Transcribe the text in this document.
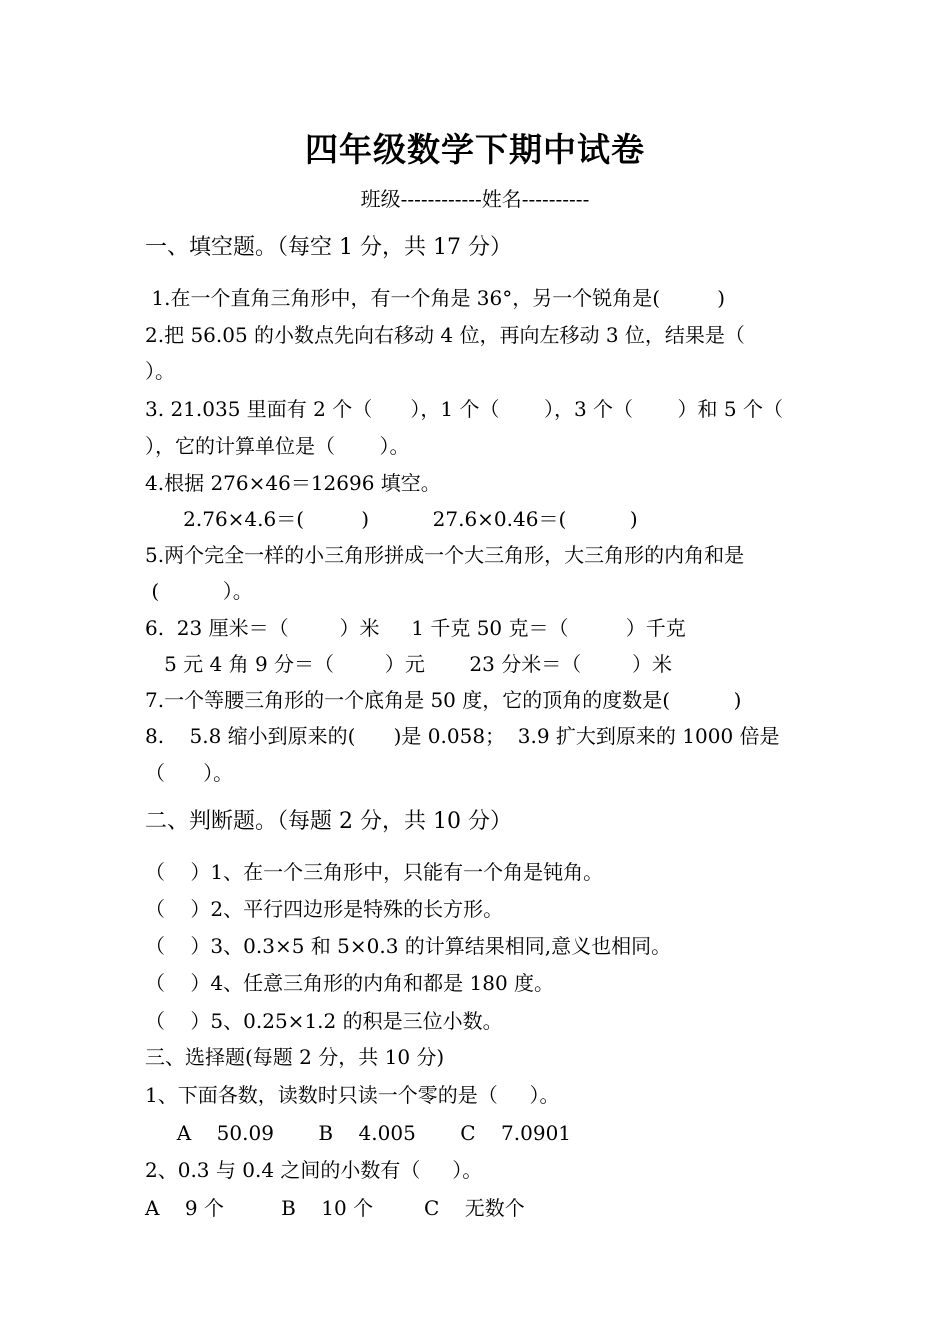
四年级数学下期中试卷
班级------------姓名----------
一、填空题。（每空 1 分，共 17 分）
1.在一个直角三角形中，有一个角是 36°，另一个锐角是(         )
2.把 56.05 的小数点先向右移动 4 位，再向左移动 3 位，结果是（
）。
3. 21.035 里面有 2 个（      ），1 个（       ），3 个（       ）和 5 个（
），它的计算单位是（       ）。
4.根据 276×46＝12696 填空。
2.76×4.6＝(         )          27.6×0.46＝(          )
5.两个完全一样的小三角形拼成一个大三角形，大三角形的内角和是
(          ）。
6.  23 厘米＝（        ）米     1 千克 50 克＝（         ）千克
5 元 4 角 9 分＝（        ）元       23 分米＝（        ）米
7.一个等腰三角形的一个底角是 50 度，它的顶角的度数是(          )
8.    5.8 缩小到原来的(      )是 0.058；  3.9 扩大到原来的 1000 倍是
（      ）。
二、判断题。（每题 2 分，共 10 分）
（    ）1、在一个三角形中，只能有一个角是钝角。
（    ）2、平行四边形是特殊的长方形。
（    ）3、0.3×5 和 5×0.3 的计算结果相同,意义也相同。
（    ）4、任意三角形的内角和都是 180 度。
（    ）5、0.25×1.2 的积是三位小数。
三、选择题(每题 2 分，共 10 分)
1、下面各数，读数时只读一个零的是（     ）。
A    50.09       B    4.005       C    7.0901
2、0.3 与 0.4 之间的小数有（     ）。
A    9 个         B    10 个        C    无数个
